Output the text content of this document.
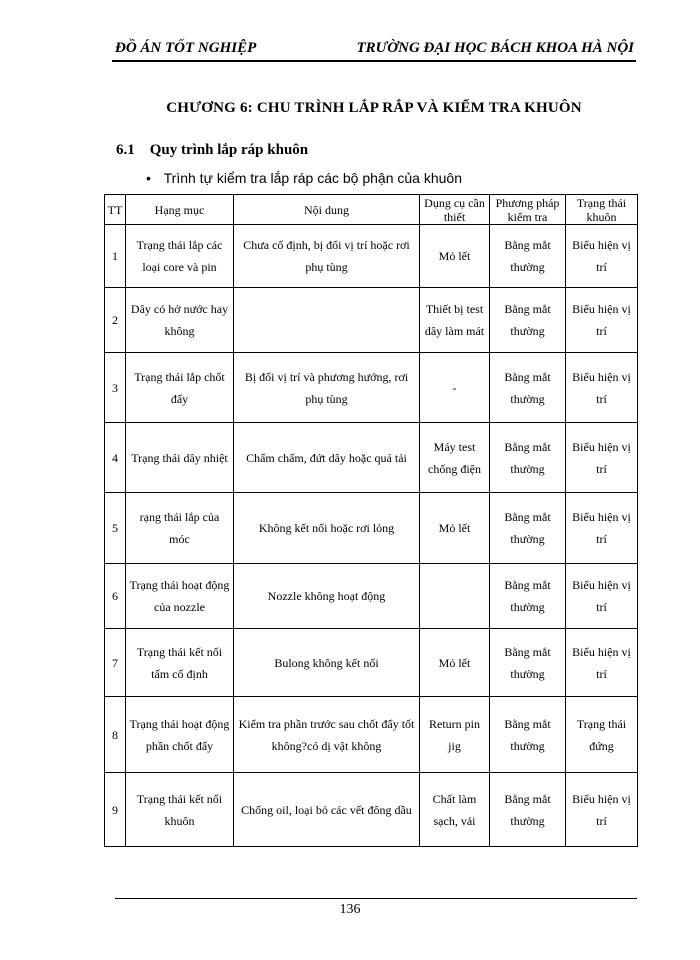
ĐỒ ÁN TỐT NGHIỆP	TRƯỜNG ĐẠI HỌC BÁCH KHOA HÀ NỘI
CHƯƠNG 6: CHU TRÌNH LẮP RẮP VÀ KIỂM TRA KHUÔN
6.1 Quy trình lắp ráp khuôn
• Trình tự kiểm tra lắp ráp các bộ phận của khuôn
TT	Hạng mục	Nội dung	Dụng cụ cần thiết	Phương pháp kiểm tra	Trạng thái khuôn
1	Trạng thái lắp các loại core và pin	Chưa cố định, bị đổi vị trí hoặc rơi phụ tùng	Mỏ lết	Bằng mắt thường	Biểu hiện vị trí
2	Dây có hở nước hay không		Thiết bị test dây làm mát	Bằng mắt thường	Biểu hiện vị trí
3	Trạng thái lắp chốt đẩy	Bị đổi vị trí và phương hướng, rơi phụ tùng	-	Bằng mắt thường	Biểu hiện vị trí
4	Trạng thái dây nhiệt	Chấm chấm, đứt dây hoặc quá tải	Máy test chống điện	Bằng mắt thường	Biểu hiện vị trí
5	rạng thái lắp của móc	Không kết nối hoặc rơi lỏng	Mỏ lết	Bằng mắt thường	Biểu hiện vị trí
6	Trạng thái hoạt động của nozzle	Nozzle không hoạt động		Bằng mắt thường	Biểu hiện vị trí
7	Trạng thái kết nối tấm cố định	Bulong không kết nối	Mỏ lết	Bằng mắt thường	Biểu hiện vị trí
8	Trạng thái hoạt động phần chốt đẩy	Kiểm tra phần trước sau chốt đẩy tốt không?có dị vật không	Return pin jig	Bằng mắt thường	Trạng thái đứng
9	Trạng thái kết nối khuôn	Chống oil, loại bỏ các vết đông dầu	Chất làm sạch, vải	Bằng mắt thường	Biểu hiện vị trí
136
